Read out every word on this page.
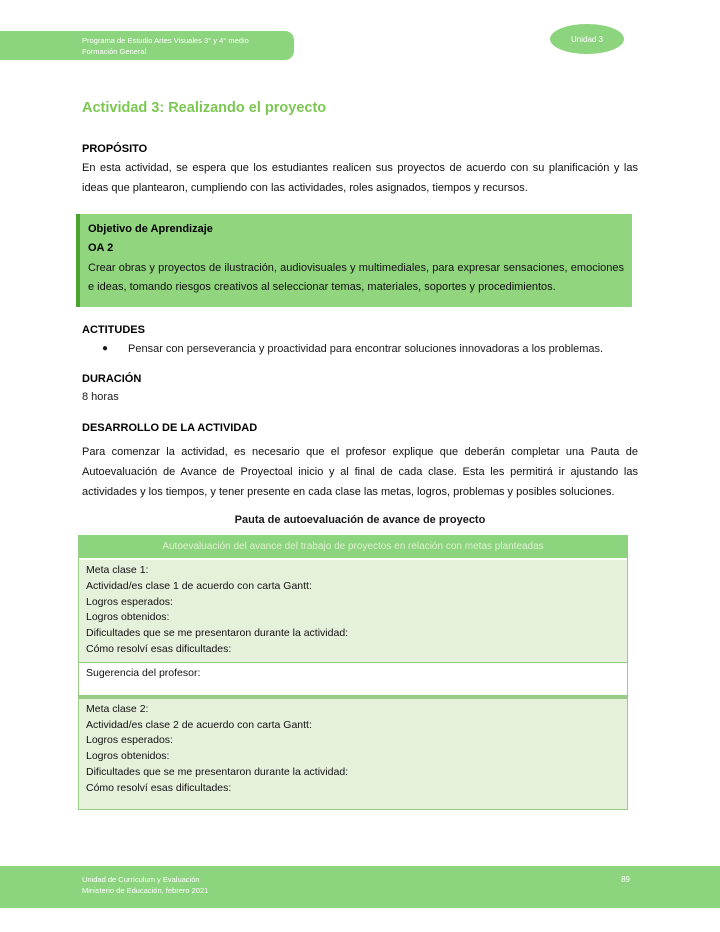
Programa de Estudio Artes Visuales 3° y 4° medio
Formación General
Unidad 3
Actividad 3: Realizando el proyecto
PROPÓSITO

En esta actividad, se espera que los estudiantes realicen sus proyectos de acuerdo con su planificación y las ideas que plantearon, cumpliendo con las actividades, roles asignados, tiempos y recursos.

Objetivo de Aprendizaje
OA 2

Crear obras y proyectos de ilustración, audiovisuales y multimediales, para expresar sensaciones, emociones e ideas, tomando riesgos creativos al seleccionar temas, materiales, soportes y procedimientos.

ACTITUDES
●	Pensar con perseverancia y proactividad para encontrar soluciones innovadoras a los problemas.
DURACIÓN
8 horas
DESARROLLO DE LA ACTIVIDAD

Para comenzar la actividad, es necesario que el profesor explique que deberán completar una Pauta de Autoevaluación de Avance de Proyectoal inicio y al final de cada clase. Esta les permitirá ir ajustando las actividades y los tiempos, y tener presente en cada clase las metas, logros, problemas y posibles soluciones.

Pauta de autoevaluación de avance de proyecto
Autoevaluación del avance del trabajo de proyectos en relación con metas planteadas
Meta clase 1:
Actividad/es clase 1 de acuerdo con carta Gantt:
Logros esperados:
Logros obtenidos:
Dificultades que se me presentaron durante la actividad:
Cómo resolví esas dificultades:
Sugerencia del profesor:
Meta clase 2:
Actividad/es clase 2 de acuerdo con carta Gantt:
Logros esperados:
Logros obtenidos:
Dificultades que se me presentaron durante la actividad:
Cómo resolví esas dificultades:
Unidad de Currículum y Evaluación
Ministerio de Educación, febrero 2021
89
